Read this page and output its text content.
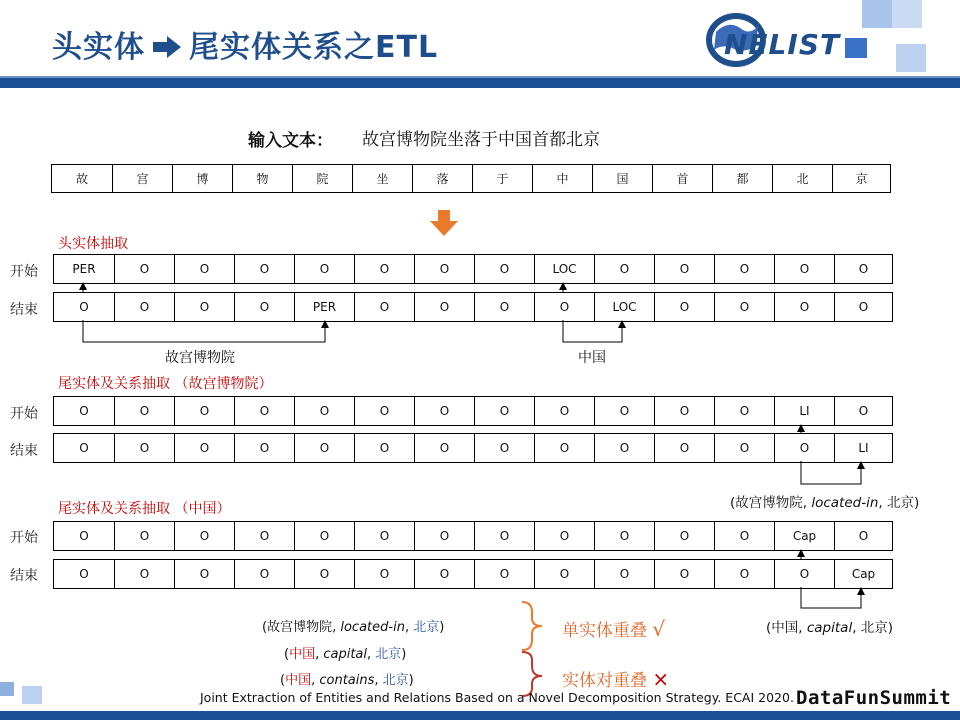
头实体 尾实体关系之ETL	NELIST
输入文本： 故宫博物院坐落于中国首都北京
故	宫	博	物	院	坐	落	于	中	国	首	都	北	京
头实体抽取
开始
结束
PER	O	O	O	O	O	O	O	LOC	O	O	O	O	O
O	O	O	O	PER	O	O	O	O	LOC	O	O	O	O
故宫博物院	中国
尾实体及关系抽取 （故宫博物院）
开始
结束
O	O	O	O	O	O	O	O	O	O	O	O	LI	O
O	O	O	O	O	O	O	O	O	O	O	O	O	LI
(故宫博物院, located-in, 北京)
尾实体及关系抽取 （中国）
开始
结束
O	O	O	O	O	O	O	O	O	O	O	O	Cap	O
O	O	O	O	O	O	O	O	O	O	O	O	O	Cap
(中国, capital, 北京)
(故宫博物院, located-in, 北京)
(中国, capital, 北京)
(中国, contains, 北京)
单实体重叠 √
实体对重叠 ×
Joint Extraction of Entities and Relations Based on a Novel Decomposition Strategy. ECAI 2020. DataFunSummit
